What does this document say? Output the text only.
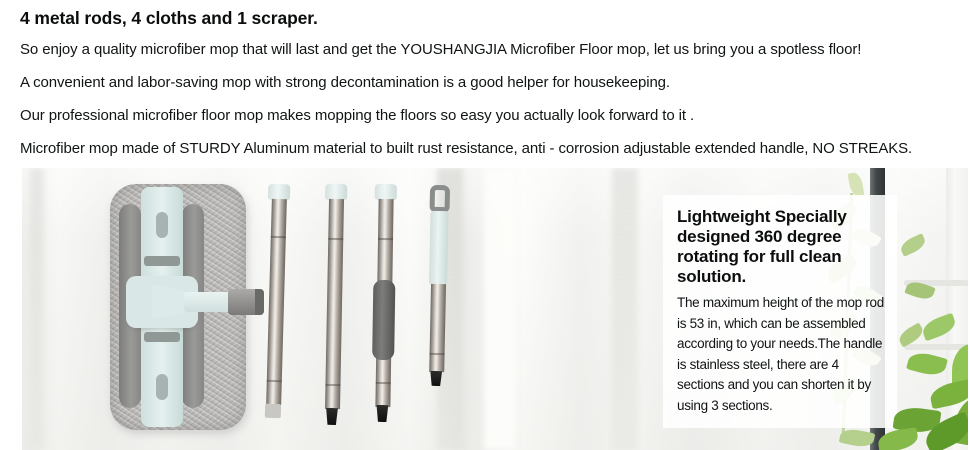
4 metal rods, 4 cloths and 1 scraper.

So enjoy a quality microfiber mop that will last and get the YOUSHANGJIA Microfiber Floor mop, let us bring you a spotless floor!

A convenient and labor-saving mop with strong decontamination is a good helper for housekeeping.

Our professional microfiber floor mop makes mopping the floors so easy you actually look forward to it .

Microfiber mop made of STURDY Aluminum material to built rust resistance, anti - corrosion adjustable extended handle, NO STREAKS.

Lightweight Specially designed 360 degree rotating for full clean solution.
The maximum height of the mop rod is 53 in, which can be assembled according to your needs.The handle is stainless steel, there are 4 sections and you can shorten it by using 3 sections.
